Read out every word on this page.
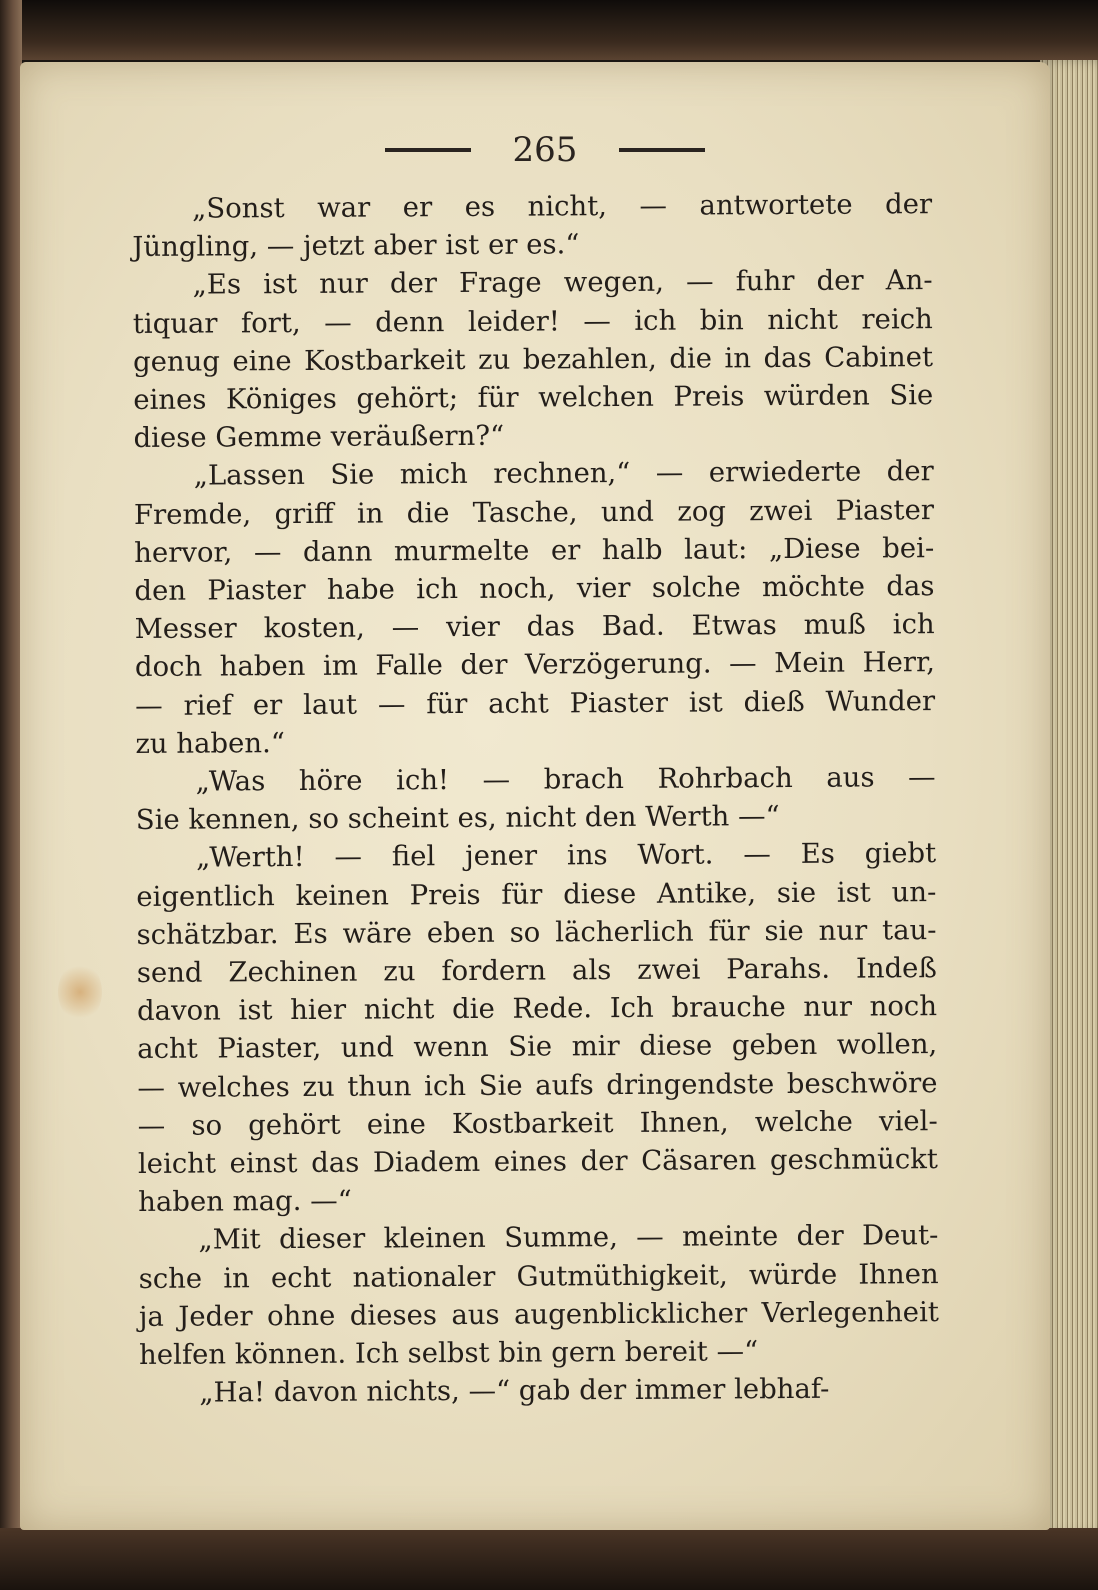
265

„Sonst war er es nicht, — antwortete der
Jüngling, — jetzt aber ist er es.“

„Es ist nur der Frage wegen, — fuhr der An-
tiquar fort, — denn leider! — ich bin nicht reich
genug eine Kostbarkeit zu bezahlen, die in das Cabinet
eines Königes gehört; für welchen Preis würden Sie
diese Gemme veräußern?“

„Lassen Sie mich rechnen,“ — erwiederte der
Fremde, griff in die Tasche, und zog zwei Piaster
hervor, — dann murmelte er halb laut: „Diese bei-
den Piaster habe ich noch, vier solche möchte das
Messer kosten, — vier das Bad. Etwas muß ich
doch haben im Falle der Verzögerung. — Mein Herr,
— rief er laut — für acht Piaster ist dieß Wunder
zu haben.“

„Was höre ich! — brach Rohrbach aus —
Sie kennen, so scheint es, nicht den Werth —“

„Werth! — fiel jener ins Wort. — Es giebt
eigentlich keinen Preis für diese Antike, sie ist un-
schätzbar. Es wäre eben so lächerlich für sie nur tau-
send Zechinen zu fordern als zwei Parahs. Indeß
davon ist hier nicht die Rede. Ich brauche nur noch
acht Piaster, und wenn Sie mir diese geben wollen,
— welches zu thun ich Sie aufs dringendste beschwöre
— so gehört eine Kostbarkeit Ihnen, welche viel-
leicht einst das Diadem eines der Cäsaren geschmückt
haben mag. —“

„Mit dieser kleinen Summe, — meinte der Deut-
sche in echt nationaler Gutmüthigkeit, würde Ihnen
ja Jeder ohne dieses aus augenblicklicher Verlegenheit
helfen können. Ich selbst bin gern bereit —“

„Ha! davon nichts, —“ gab der immer lebhaf-
